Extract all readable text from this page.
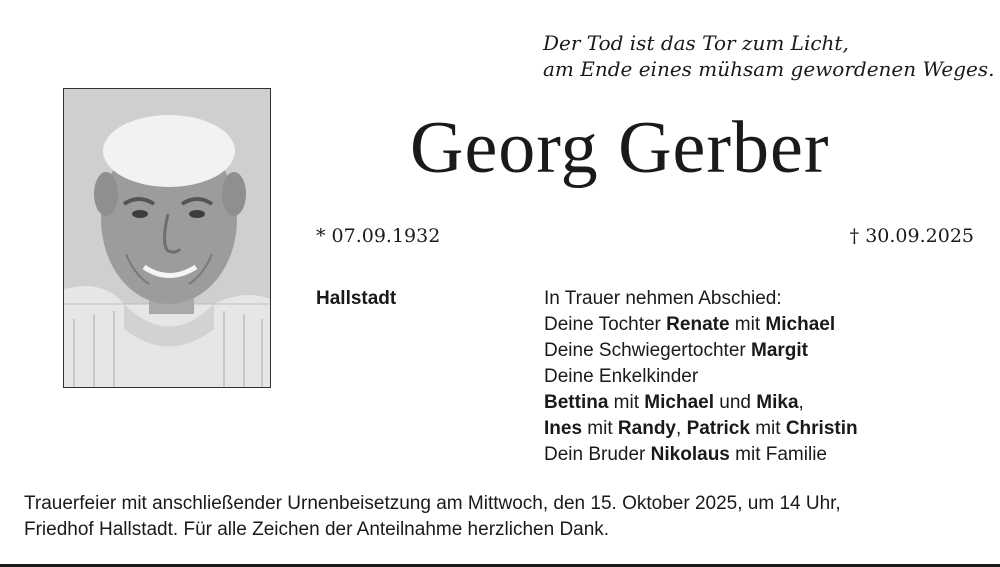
Der Tod ist das Tor zum Licht,
am Ende eines mühsam gewordenen Weges.
Georg Gerber
* 07.09.1932	† 30.09.2025
Hallstadt	In Trauer nehmen Abschied:
Deine Tochter Renate mit Michael
Deine Schwiegertochter Margit
Deine Enkelkinder
Bettina mit Michael und Mika,
Ines mit Randy, Patrick mit Christin
Dein Bruder Nikolaus mit Familie
Trauerfeier mit anschließender Urnenbeisetzung am Mittwoch, den 15. Oktober 2025, um 14 Uhr,
Friedhof Hallstadt. Für alle Zeichen der Anteilnahme herzlichen Dank.
